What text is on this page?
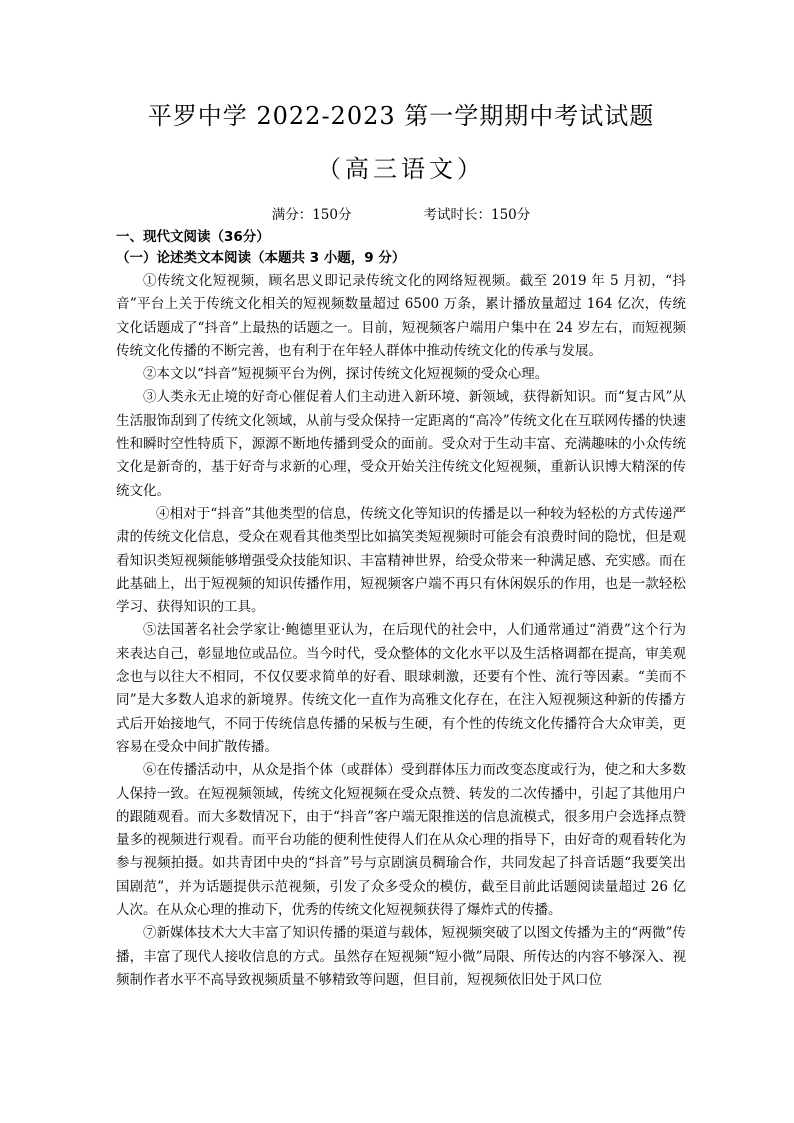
平罗中学 2022-2023 第一学期期中考试试题
（高三语文）
满分：150分	考试时长：150分
一、现代文阅读（36分）
（一）论述类文本阅读（本题共 3 小题，9 分）

①传统文化短视频，顾名思义即记录传统文化的网络短视频。截至 2019 年 5 月初，“抖音”平台上关于传统文化相关的短视频数量超过 6500 万条，累计播放量超过 164 亿次，传统文化话题成了“抖音”上最热的话题之一。目前，短视频客户端用户集中在 24 岁左右，而短视频传统文化传播的不断完善，也有利于在年轻人群体中推动传统文化的传承与发展。

②本文以“抖音”短视频平台为例，探讨传统文化短视频的受众心理。

③人类永无止境的好奇心催促着人们主动进入新环境、新领域，获得新知识。而“复古风”从生活服饰刮到了传统文化领域，从前与受众保持一定距离的“高冷”传统文化在互联网传播的快速性和瞬时空性特质下，源源不断地传播到受众的面前。受众对于生动丰富、充满趣味的小众传统文化是新奇的，基于好奇与求新的心理，受众开始关注传统文化短视频，重新认识博大精深的传统文化。

④相对于“抖音”其他类型的信息，传统文化等知识的传播是以一种较为轻松的方式传递严肃的传统文化信息，受众在观看其他类型比如搞笑类短视频时可能会有浪费时间的隐忧，但是观看知识类短视频能够增强受众技能知识、丰富精神世界，给受众带来一种满足感、充实感。而在此基础上，出于短视频的知识传播作用，短视频客户端不再只有休闲娱乐的作用，也是一款轻松学习、获得知识的工具。

⑤法国著名社会学家让·鲍德里亚认为，在后现代的社会中，人们通常通过“消费”这个行为来表达自己，彰显地位或品位。当今时代，受众整体的文化水平以及生活格调都在提高，审美观念也与以往大不相同，不仅仅要求简单的好看、眼球刺激，还要有个性、流行等因素。“美而不同”是大多数人追求的新境界。传统文化一直作为高雅文化存在，在注入短视频这种新的传播方式后开始接地气，不同于传统信息传播的呆板与生硬，有个性的传统文化传播符合大众审美，更容易在受众中间扩散传播。

⑥在传播活动中，从众是指个体（或群体）受到群体压力而改变态度或行为，使之和大多数人保持一致。在短视频领域，传统文化短视频在受众点赞、转发的二次传播中，引起了其他用户的跟随观看。而大多数情况下，由于“抖音”客户端无限推送的信息流模式，很多用户会选择点赞量多的视频进行观看。而平台功能的便利性使得人们在从众心理的指导下，由好奇的观看转化为参与视频拍摄。如共青团中央的“抖音”号与京剧演员稠瑜合作，共同发起了抖音话题“我要笑出国剧范”，并为话题提供示范视频，引发了众多受众的模仿，截至目前此话题阅读量超过 26 亿人次。在从众心理的推动下，优秀的传统文化短视频获得了爆炸式的传播。

⑦新媒体技术大大丰富了知识传播的渠道与载体，短视频突破了以图文传播为主的“两微”传播，丰富了现代人接收信息的方式。虽然存在短视频“短小微”局限、所传达的内容不够深入、视频制作者水平不高导致视频质量不够精致等问题，但目前，短视频依旧处于风口位
